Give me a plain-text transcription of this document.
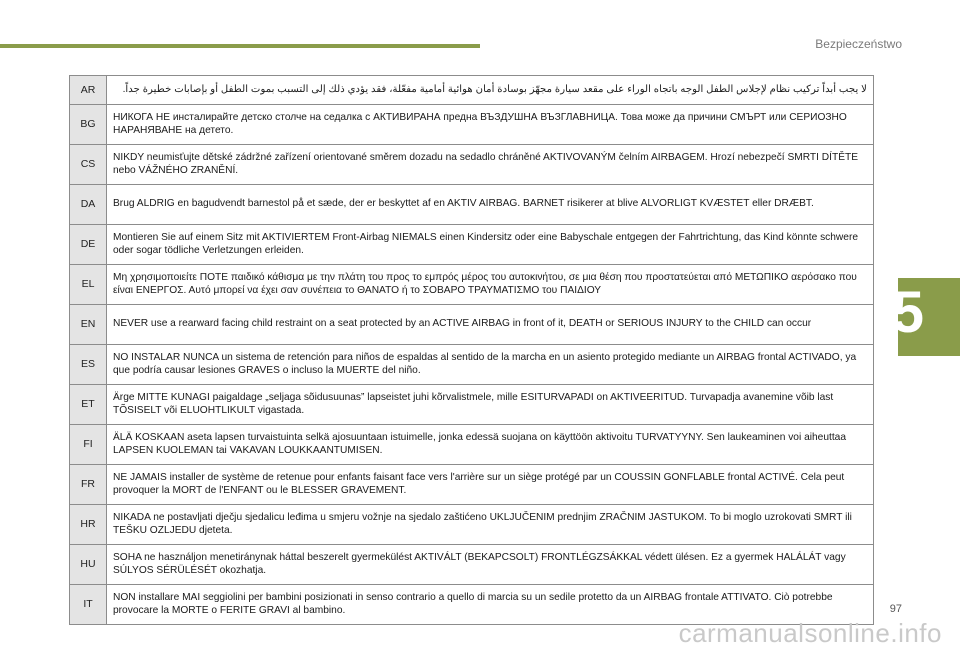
Bezpieczeństwo
5
AR	لا يجب أبداً تركيب نظام لإجلاس الطفل الوجه باتجاه الوراء على مقعد سيارة مجهّز بوسادة أمان هوائية أمامية مفعّلة، فقد يؤدي ذلك إلى التسبب بموت الطفل أو بإصابات خطيرة جداً.
BG	НИКОГА НЕ инсталирайте детско столче на седалка с АКТИВИРАНА предна ВЪЗДУШНА ВЪЗГЛАВНИЦА. Това може да причини СМЪРТ или СЕРИОЗНО НАРАНЯВАНЕ на детето.
CS	NIKDY neumisťujte dětské zádržné zařízení orientované směrem dozadu na sedadlo chráněné AKTIVOVANÝM čelním AIRBAGEM. Hrozí nebezpečí SMRTI DÍTĚTE nebo VÁŽNÉHO ZRANĚNÍ.
DA	Brug ALDRIG en bagudvendt barnestol på et sæde, der er beskyttet af en AKTIV AIRBAG. BARNET risikerer at blive ALVORLIGT KVÆSTET eller DRÆBT.
DE	Montieren Sie auf einem Sitz mit AKTIVIERTEM Front-Airbag NIEMALS einen Kindersitz oder eine Babyschale entgegen der Fahrtrichtung, das Kind könnte schwere oder sogar tödliche Verletzungen erleiden.
EL	Μη χρησιμοποιείτε ΠΟΤΕ παιδικό κάθισμα με την πλάτη του προς το εμπρός μέρος του αυτοκινήτου, σε μια θέση που προστατεύεται από ΜΕΤΩΠΙΚΟ αερόσακο που είναι ΕΝΕΡΓΟΣ. Αυτό μπορεί να έχει σαν συνέπεια το ΘΑΝΑΤΟ ή το ΣΟΒΑΡΟ ΤΡΑΥΜΑΤΙΣΜΟ του ΠΑΙΔΙΟΥ
EN	NEVER use a rearward facing child restraint on a seat protected by an ACTIVE AIRBAG in front of it, DEATH or SERIOUS INJURY to the CHILD can occur
ES	NO INSTALAR NUNCA un sistema de retención para niños de espaldas al sentido de la marcha en un asiento protegido mediante un AIRBAG frontal ACTIVADO, ya que podría causar lesiones GRAVES o incluso la MUERTE del niño.
ET	Ärge MITTE KUNAGI paigaldage „seljaga sõidusuunas” lapseistet juhi kõrvalistmele, mille ESITURVAPADI on AKTIVEERITUD. Turvapadja avanemine võib last TÕSISELT või ELUOHTLIKULT vigastada.
FI	ÄLÄ KOSKAAN aseta lapsen turvaistuinta selkä ajosuuntaan istuimelle, jonka edessä suojana on käyttöön aktivoitu TURVATYYNY. Sen laukeaminen voi aiheuttaa LAPSEN KUOLEMAN tai VAKAVAN LOUKKAANTUMISEN.
FR	NE JAMAIS installer de système de retenue pour enfants faisant face vers l'arrière sur un siège protégé par un COUSSIN GONFLABLE frontal ACTIVÉ. Cela peut provoquer la MORT de l'ENFANT ou le BLESSER GRAVEMENT.
HR	NIKADA ne postavljati dječju sjedalicu leđima u smjeru vožnje na sjedalo zaštićeno UKLJUČENIM prednjim ZRAČNIM JASTUKOM. To bi moglo uzrokovati SMRT ili TEŠKU OZLJEDU djeteta.
HU	SOHA ne használjon menetiránynak háttal beszerelt gyermekülést AKTIVÁLT (BEKAPCSOLT) FRONTLÉGZSÁKKAL védett ülésen. Ez a gyermek HALÁLÁT vagy SÚLYOS SÉRÜLÉSÉT okozhatja.
IT	NON installare MAI seggiolini per bambini posizionati in senso contrario a quello di marcia su un sedile protetto da un AIRBAG frontale ATTIVATO. Ciò potrebbe provocare la MORTE o FERITE GRAVI al bambino.	97
carmanualsonline.info
